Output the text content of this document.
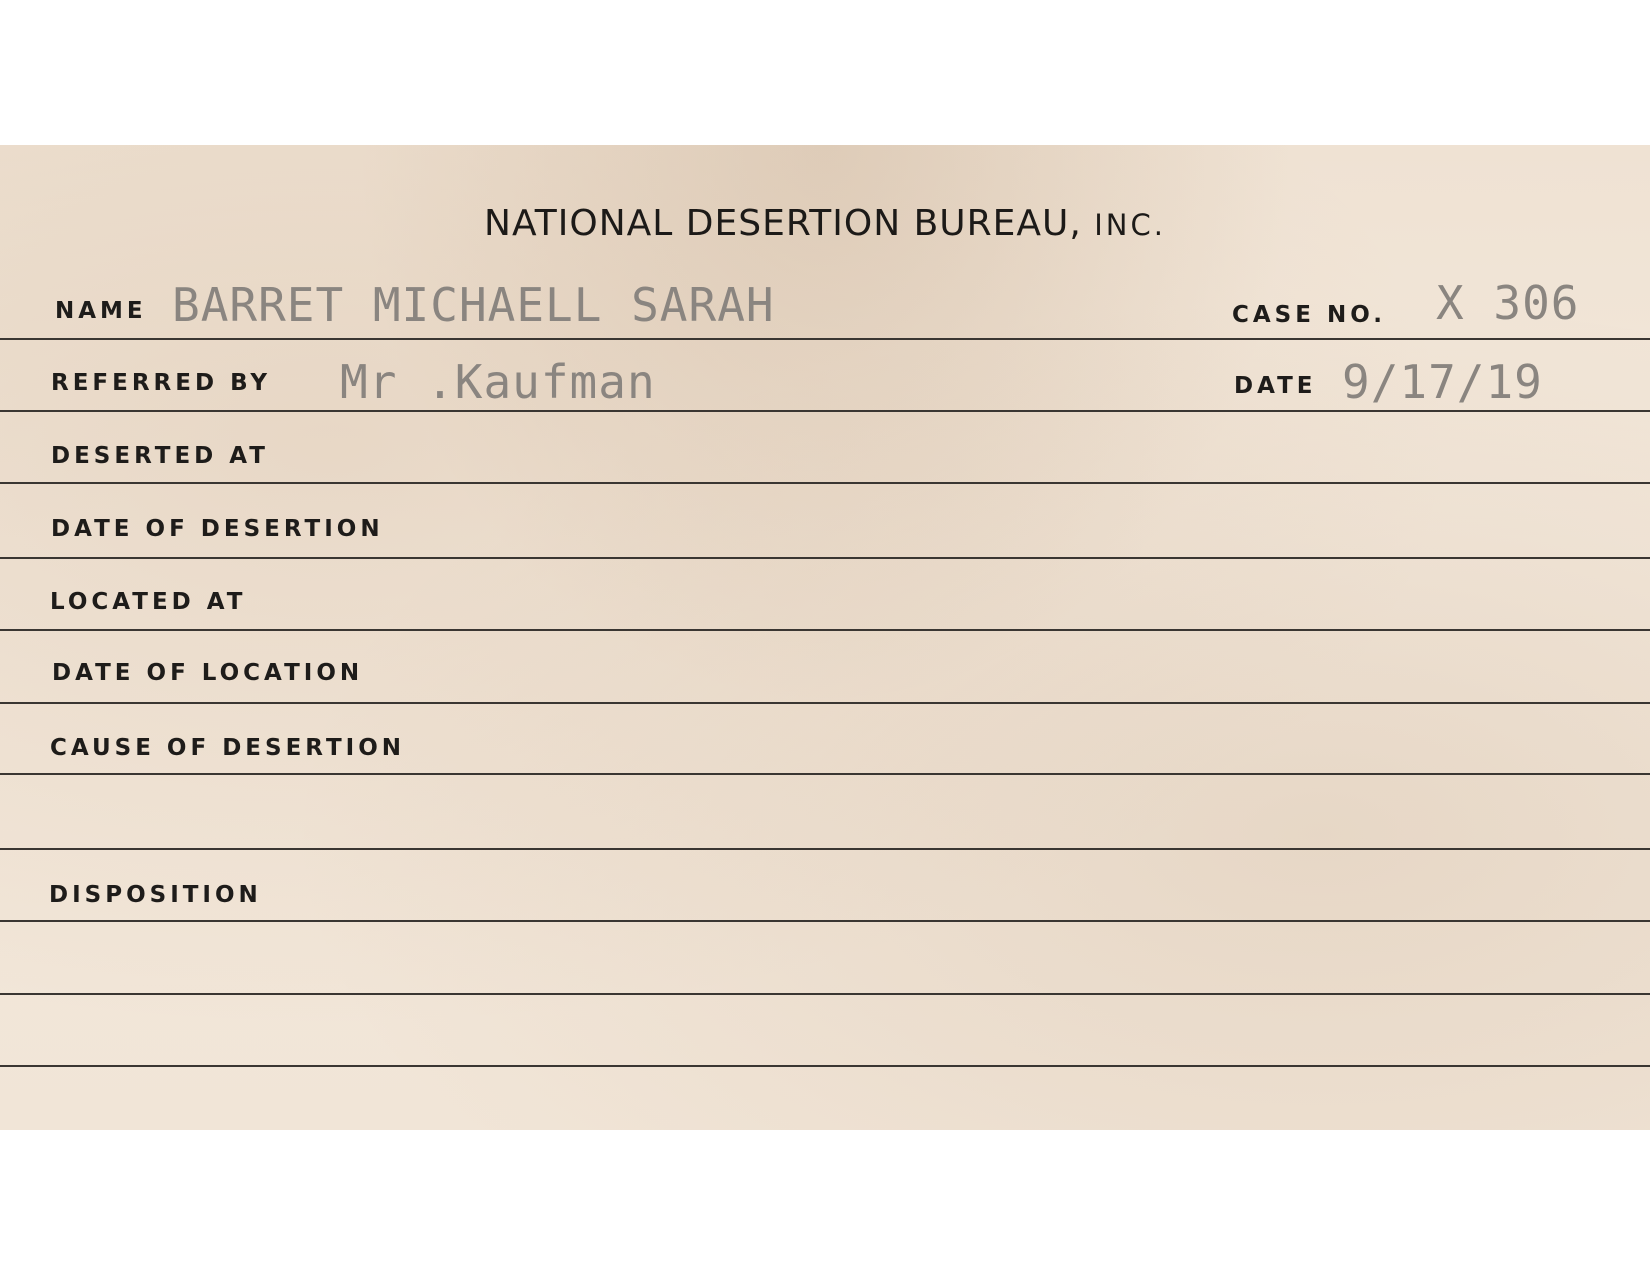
NATIONAL DESERTION BUREAU, INC.
NAME BARRET MICHAELL SARAH	CASE NO. X 306
REFERRED BY Mr .Kaufman	DATE 9/17/19
DESERTED AT
DATE OF DESERTION
LOCATED AT
DATE OF LOCATION
CAUSE OF DESERTION
DISPOSITION
